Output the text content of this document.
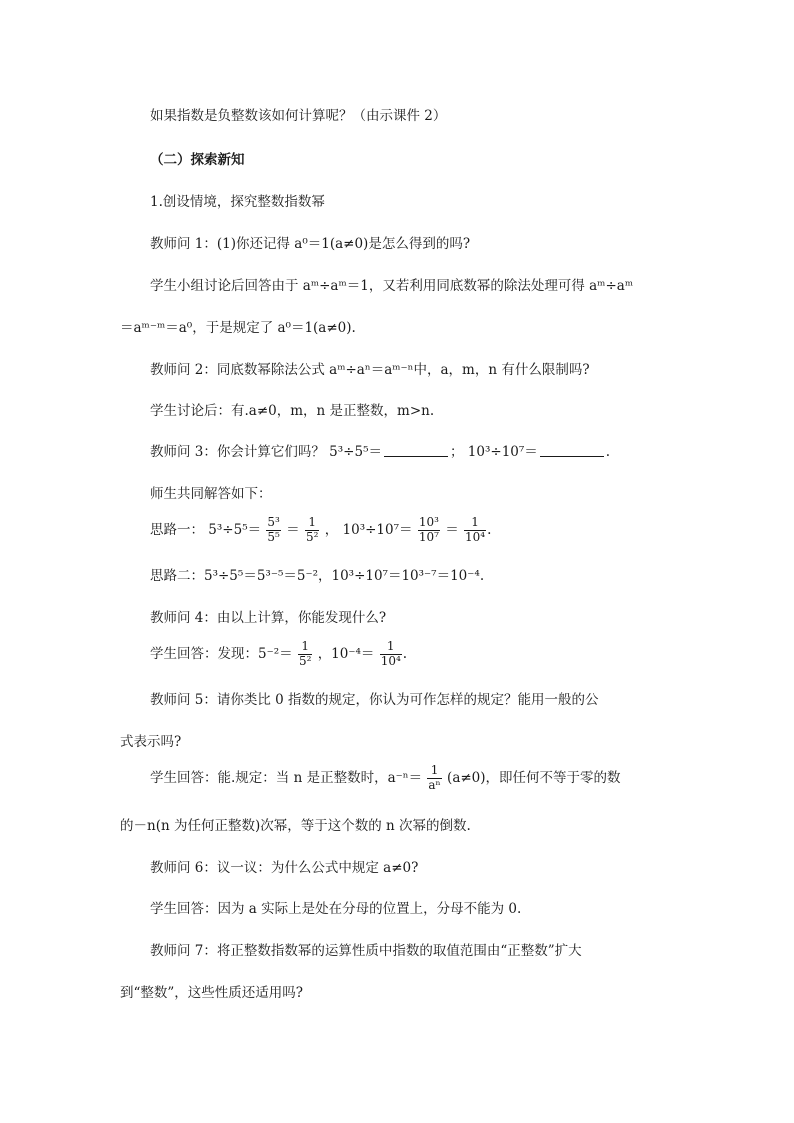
如果指数是负整数该如何计算呢？（由示课件 2）
（二）探索新知
1.创设情境，探究整数指数幂
教师问 1：(1)你还记得 a⁰＝1(a≠0)是怎么得到的吗?
学生小组讨论后回答由于 aᵐ÷aᵐ＝1，又若利用同底数幂的除法处理可得 aᵐ÷aᵐ
＝aᵐ⁻ᵐ＝a⁰，于是规定了 a⁰＝1(a≠0).
教师问 2：同底数幂除法公式 aᵐ÷aⁿ＝aᵐ⁻ⁿ中，a，m，n 有什么限制吗?
学生讨论后：有.a≠0，m，n 是正整数，m>n.
教师问 3：你会计算它们吗？ 5³÷5⁵＝	； 10³÷10⁷＝	.
师生共同解答如下：
思路一： $5^3\div 5^5= \frac{\text{5³}}{\text{5⁵}} = \frac{1}{\text{5²}}$ ， $10^3\div 10^7= \frac{\text{10³}}{\text{10⁷}} = \frac{1}{\text{10⁴}}$ .
思路二：5³÷5⁵＝5³⁻⁵＝5⁻²，10³÷10⁷＝10³⁻⁷＝10⁻⁴.
教师问 4：由以上计算，你能发现什么?
学生回答：发现：$5^{-2}= \frac{1}{\text{5²}}$ ，$10^{-4}= \frac{1}{\text{10⁴}}$ .
教师问 5：请你类比 0 指数的规定，你认为可作怎样的规定？能用一般的公
式表示吗?
学生回答：能.规定：当 n 是正整数时，$a^{-n}= \frac{1}{\text{aⁿ}} (a\ne 0)$，即任何不等于零的数
的－n(n 为任何正整数)次幂，等于这个数的 n 次幂的倒数.
教师问 6：议一议：为什么公式中规定 a≠0?
学生回答：因为 a 实际上是处在分母的位置上，分母不能为 0.
教师问 7：将正整数指数幂的运算性质中指数的取值范围由“正整数”扩大
到“整数”，这些性质还适用吗?
